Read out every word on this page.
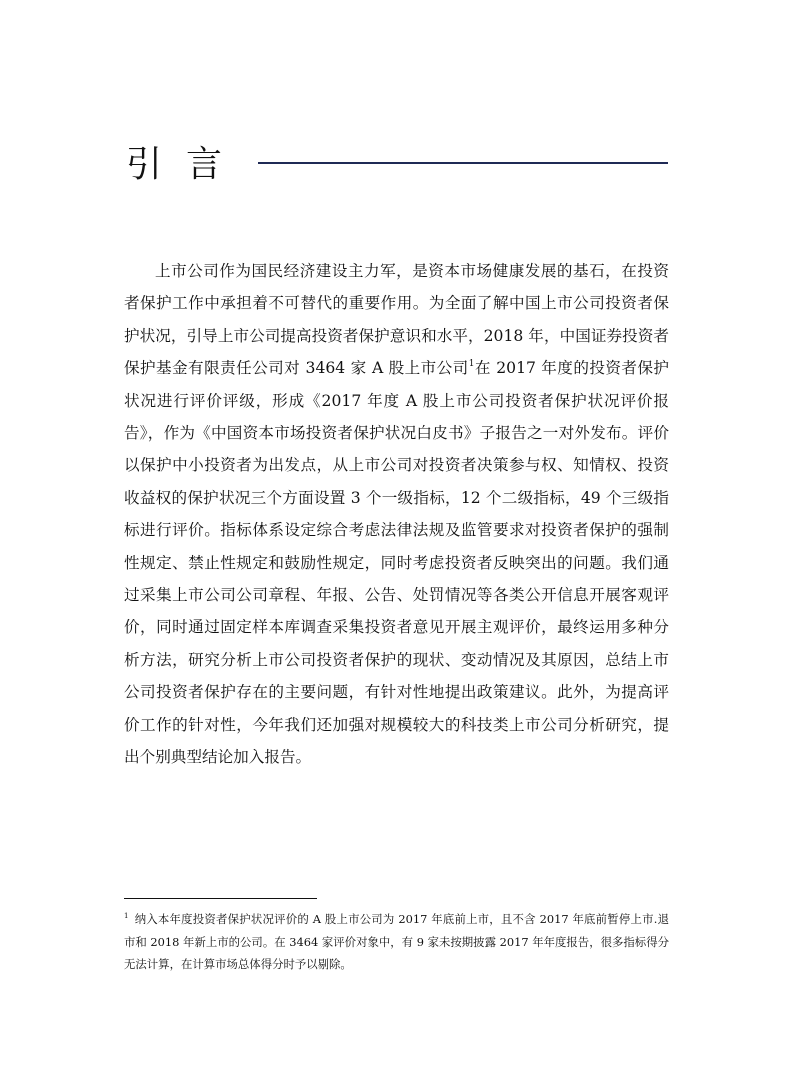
引言

上市公司作为国民经济建设主力军，是资本市场健康发展的基石，在投资者保护工作中承担着不可替代的重要作用。为全面了解中国上市公司投资者保护状况，引导上市公司提高投资者保护意识和水平，2018 年，中国证券投资者保护基金有限责任公司对 3464 家 A 股上市公司$^1$在 2017 年度的投资者保护状况进行评价评级，形成《2017 年度 A 股上市公司投资者保护状况评价报告》，作为《中国资本市场投资者保护状况白皮书》子报告之一对外发布。评价以保护中小投资者为出发点，从上市公司对投资者决策参与权、知情权、投资收益权的保护状况三个方面设置 3 个一级指标，12 个二级指标，49 个三级指标进行评价。指标体系设定综合考虑法律法规及监管要求对投资者保护的强制性规定、禁止性规定和鼓励性规定，同时考虑投资者反映突出的问题。我们通过采集上市公司公司章程、年报、公告、处罚情况等各类公开信息开展客观评价，同时通过固定样本库调查采集投资者意见开展主观评价，最终运用多种分析方法，研究分析上市公司投资者保护的现状、变动情况及其原因，总结上市公司投资者保护存在的主要问题，有针对性地提出政策建议。此外，为提高评价工作的针对性，今年我们还加强对规模较大的科技类上市公司分析研究，提出个别典型结论加入报告。

$^1$ 纳入本年度投资者保护状况评价的 A 股上市公司为 2017 年底前上市，且不含 2017 年底前暂停上市.退市和 2018 年新上市的公司。在 3464 家评价对象中，有 9 家未按期披露 2017 年年度报告，很多指标得分无法计算，在计算市场总体得分时予以剔除。
